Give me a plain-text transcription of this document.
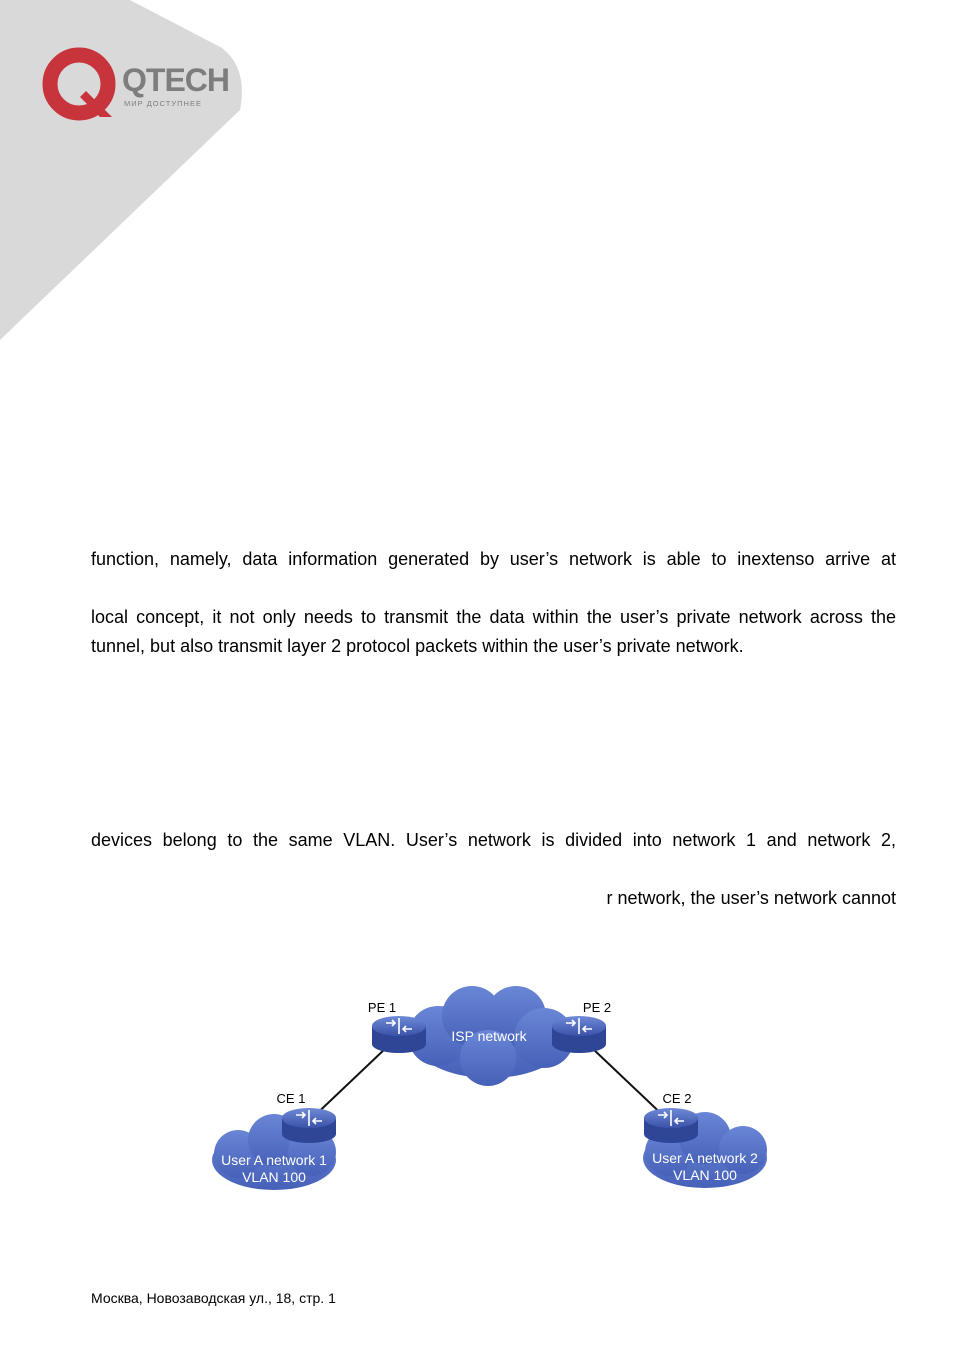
QTECH
МИР ДОСТУПНЕЕ

function, namely, data information generated by user’s network is able to inextenso arrive at

local concept, it not only needs to transmit the data within the user’s private network across the

tunnel, but also transmit layer 2 protocol packets within the user’s private network.

devices belong to the same VLAN. User’s network is divided into network 1 and network 2,

r network, the user’s network cannot

ISP network
User A network 1
VLAN 100
User A network 2
VLAN 100
PE 1	PE 2
CE 1	CE 2

Москва, Новозаводская ул., 18, стр. 1
